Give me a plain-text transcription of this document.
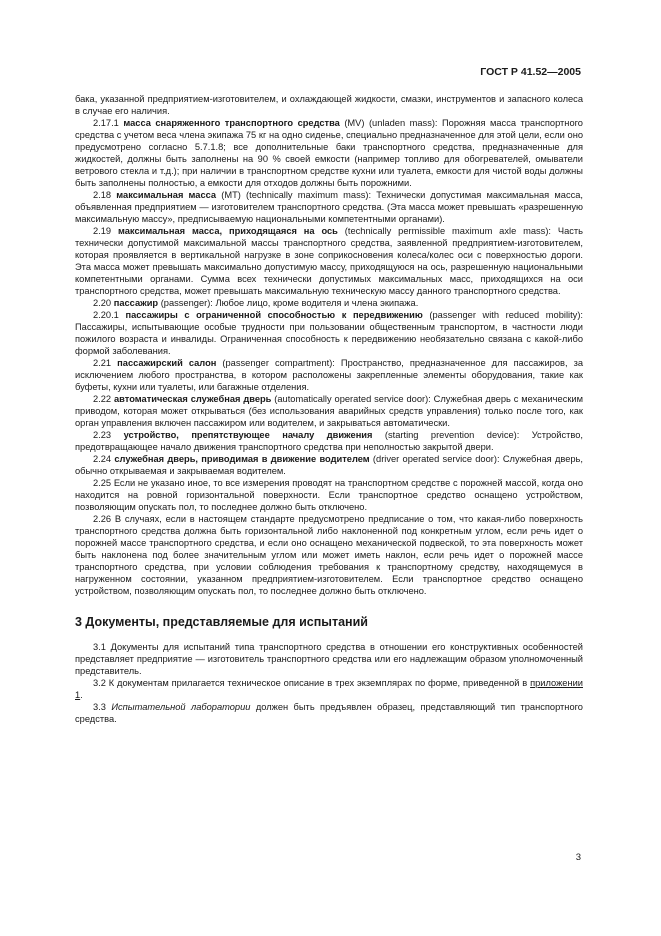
ГОСТ Р 41.52—2005

бака, указанной предприятием-изготовителем, и охлаждающей жидкости, смазки, инструментов и запасного колеса в случае его наличия.

2.17.1 масса снаряженного транспортного средства (MV) (unladen mass): Порожняя масса транспортного средства с учетом веса члена экипажа 75 кг на одно сиденье, специально предназначенное для этой цели, если оно предусмотрено согласно 5.7.1.8; все дополнительные баки транспортного средства, предназначенные для жидкостей, должны быть заполнены на 90 % своей емкости (например топливо для обогревателей, омыватели ветрового стекла и т.д.); при наличии в транспортном средстве кухни или туалета, емкости для чистой воды должны быть заполнены полностью, а емкости для отходов должны быть порожними.

2.18 максимальная масса (MT) (technically maximum mass): Технически допустимая максимальная масса, объявленная предприятием — изготовителем транспортного средства. (Эта масса может превышать «разрешенную максимальную массу», предписываемую национальными компетентными органами).

2.19 максимальная масса, приходящаяся на ось (technically permissible maximum axle mass): Часть технически допустимой максимальной массы транспортного средства, заявленной предприятием-изготовителем, которая проявляется в вертикальной нагрузке в зоне соприкосновения колеса/колес оси с поверхностью дороги. Эта масса может превышать максимально допустимую массу, приходящуюся на ось, разрешенную национальными компетентными органами. Сумма всех технически допустимых максимальных масс, приходящихся на оси транспортного средства, может превышать максимальную техническую массу данного транспортного средства.

2.20 пассажир (passenger): Любое лицо, кроме водителя и члена экипажа.

2.20.1 пассажиры с ограниченной способностью к передвижению (passenger with reduced mobility): Пассажиры, испытывающие особые трудности при пользовании общественным транспортом, в частности люди пожилого возраста и инвалиды. Ограниченная способность к передвижению необязательно связана с какой-либо формой заболевания.

2.21 пассажирский салон (passenger compartment): Пространство, предназначенное для пассажиров, за исключением любого пространства, в котором расположены закрепленные элементы оборудования, такие как буфеты, кухни или туалеты, или багажные отделения.

2.22 автоматическая служебная дверь (automatically operated service door): Служебная дверь с механическим приводом, которая может открываться (без использования аварийных средств управления) только после того, как орган управления включен пассажиром или водителем, и закрываться автоматически.

2.23 устройство, препятствующее началу движения (starting prevention device): Устройство, предотвращающее начало движения транспортного средства при неполностью закрытой двери.

2.24 служебная дверь, приводимая в движение водителем (driver operated service door): Служебная дверь, обычно открываемая и закрываемая водителем.

2.25 Если не указано иное, то все измерения проводят на транспортном средстве с порожней массой, когда оно находится на ровной горизонтальной поверхности. Если транспортное средство оснащено устройством, позволяющим опускать пол, то последнее должно быть отключено.

2.26 В случаях, если в настоящем стандарте предусмотрено предписание о том, что какая-либо поверхность транспортного средства должна быть горизонтальной либо наклоненной под конкретным углом, если речь идет о порожней массе транспортного средства, и если оно оснащено механической подвеской, то эта поверхность может быть наклонена под более значительным углом или может иметь наклон, если речь идет о порожней массе транспортного средства, при условии соблюдения требования к транспортному средству, находящемуся в нагруженном состоянии, указанном предприятием-изготовителем. Если транспортное средство оснащено устройством, позволяющим опускать пол, то последнее должно быть отключено.

3 Документы, представляемые для испытаний

3.1 Документы для испытаний типа транспортного средства в отношении его конструктивных особенностей представляет предприятие — изготовитель транспортного средства или его надлежащим образом уполномоченный представитель.

3.2 К документам прилагается техническое описание в трех экземплярах по форме, приведенной в приложении 1.

3.3 Испытательной лаборатории должен быть предъявлен образец, представляющий тип транспортного средства.

3
